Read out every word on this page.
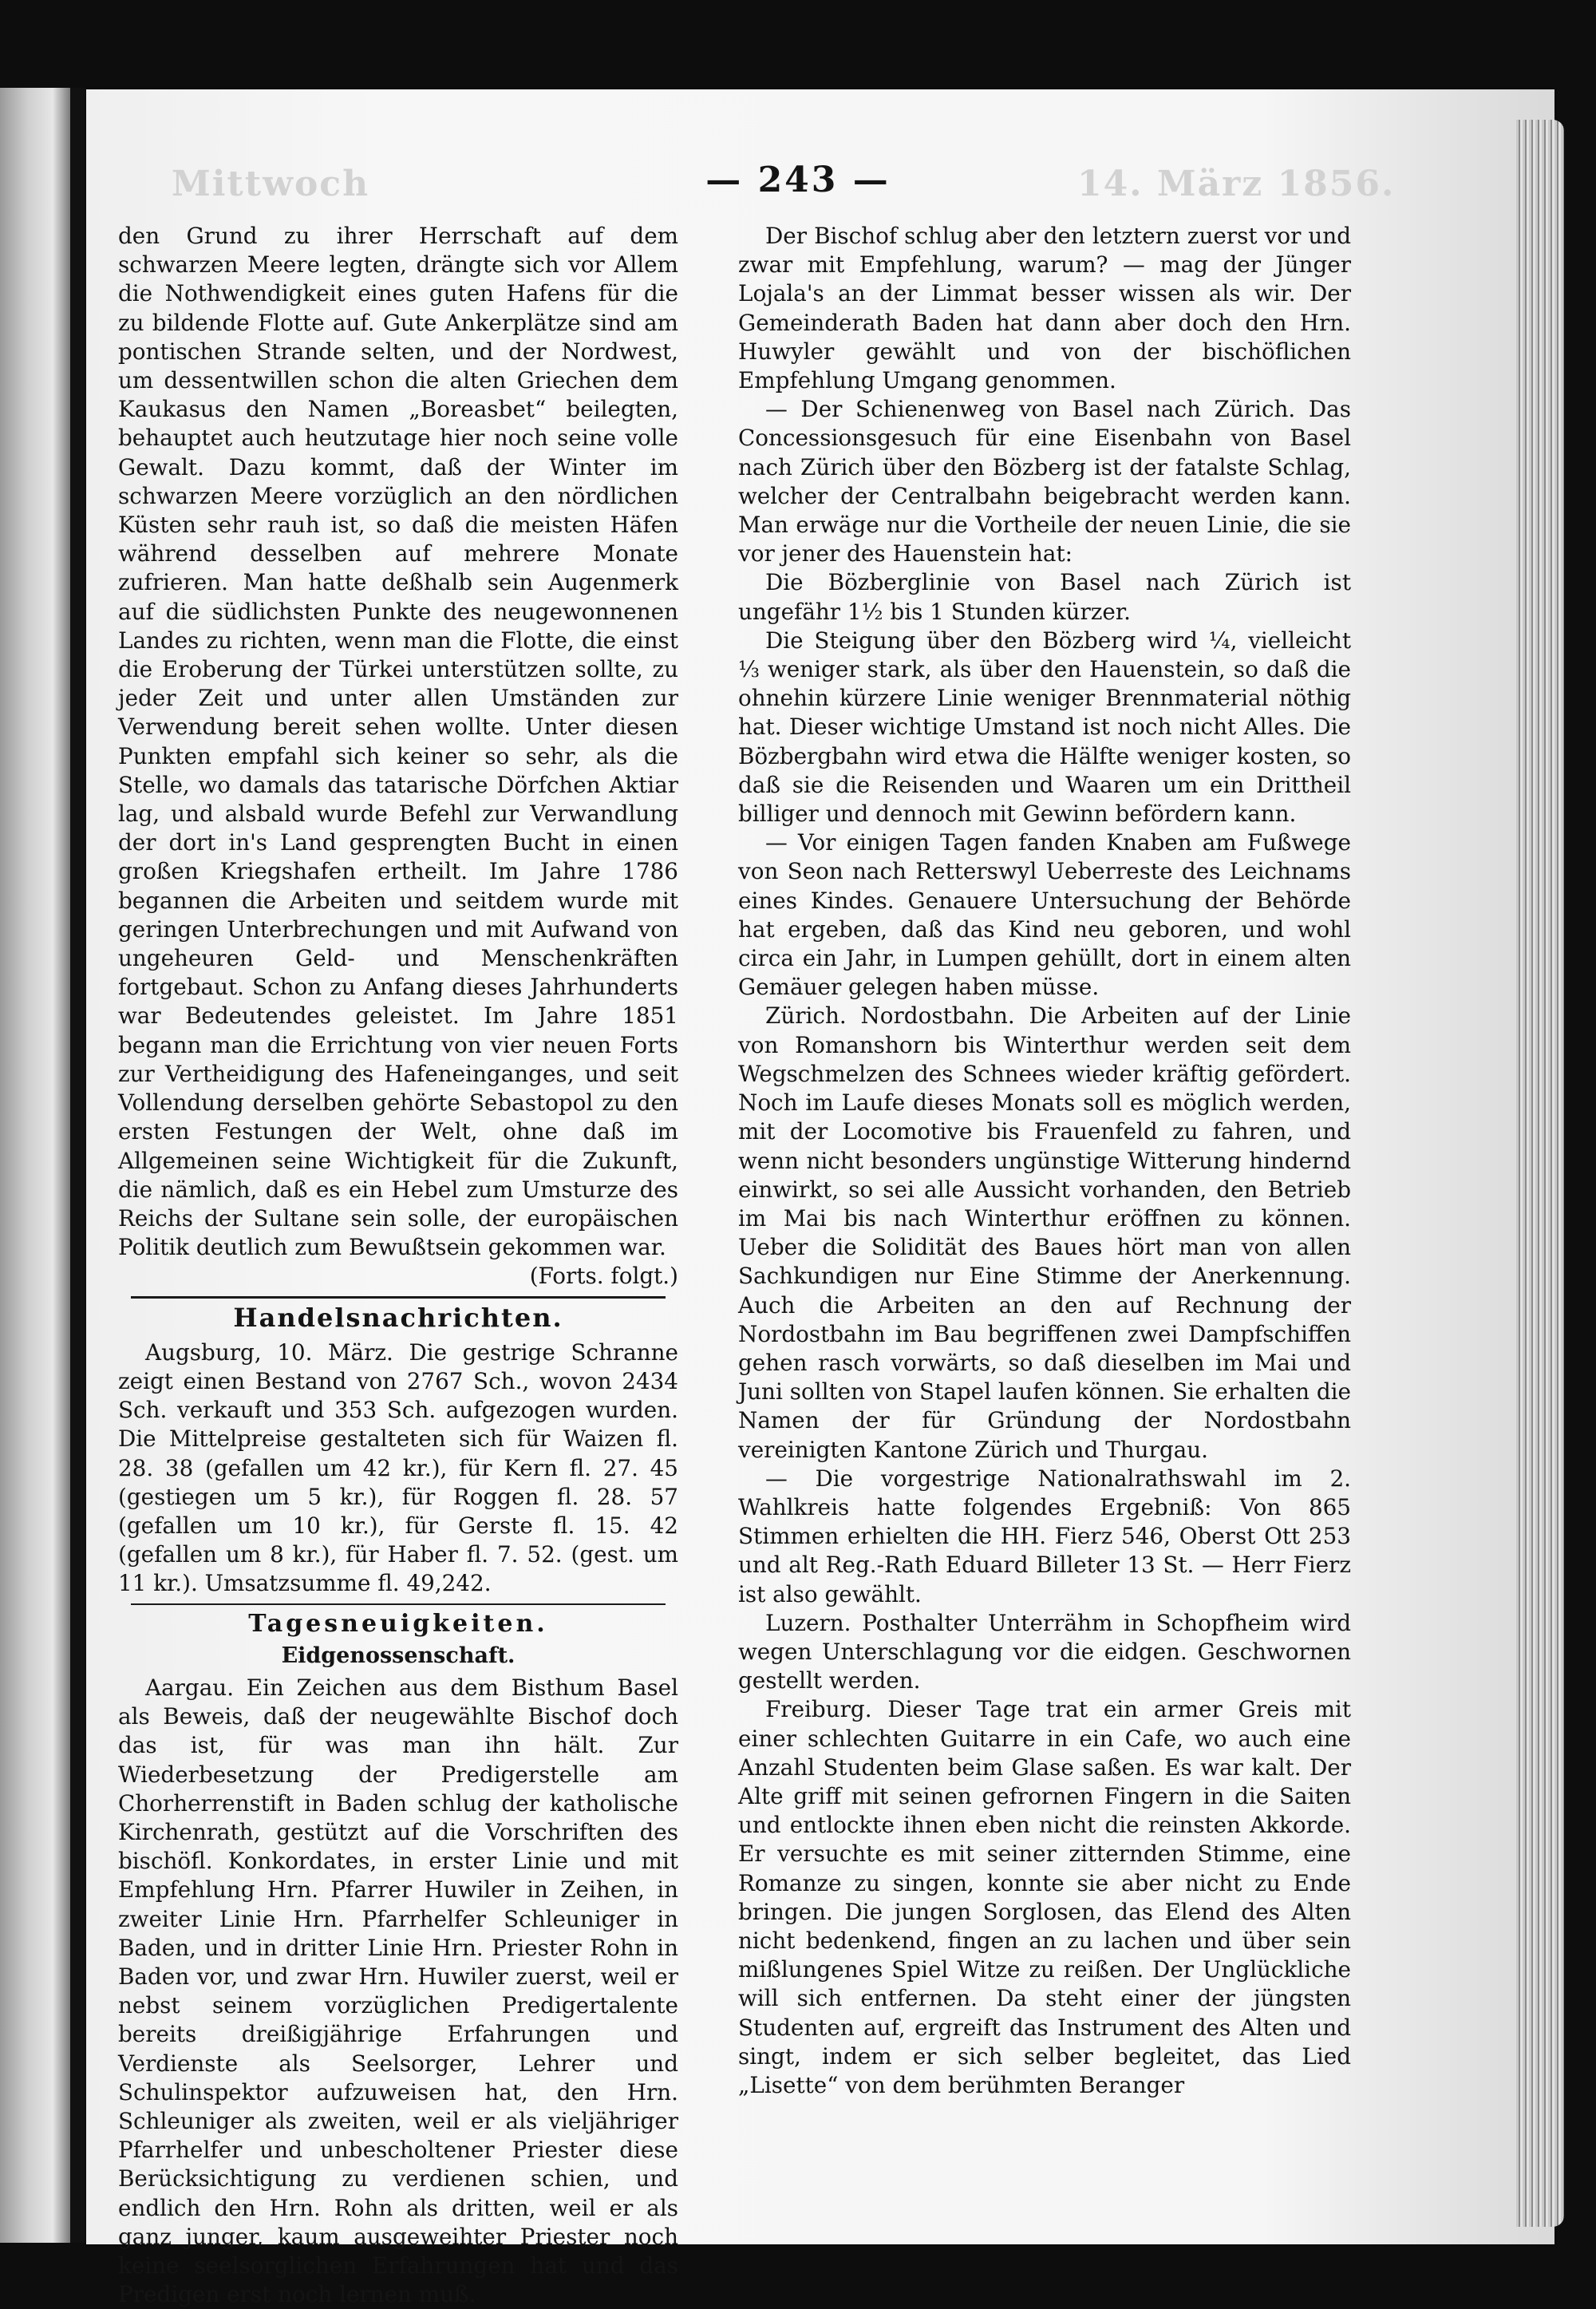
Mittwoch	14. März 1856.
— 243 —

den Grund zu ihrer Herrschaft auf dem schwarzen Meere legten, drängte sich vor Allem die Nothwendigkeit eines guten Hafens für die zu bildende Flotte auf. Gute Ankerplätze sind am pontischen Strande selten, und der Nordwest, um dessentwillen schon die alten Griechen dem Kaukasus den Namen „Boreasbet“ beilegten, behauptet auch heutzutage hier noch seine volle Gewalt. Dazu kommt, daß der Winter im schwarzen Meere vorzüglich an den nördlichen Küsten sehr rauh ist, so daß die meisten Häfen während desselben auf mehrere Monate zufrieren. Man hatte deßhalb sein Augenmerk auf die südlichsten Punkte des neugewonnenen Landes zu richten, wenn man die Flotte, die einst die Eroberung der Türkei unterstützen sollte, zu jeder Zeit und unter allen Umständen zur Verwendung bereit sehen wollte. Unter diesen Punkten empfahl sich keiner so sehr, als die Stelle, wo damals das tatarische Dörfchen Aktiar lag, und alsbald wurde Befehl zur Verwandlung der dort in's Land gesprengten Bucht in einen großen Kriegshafen ertheilt. Im Jahre 1786 begannen die Arbeiten und seitdem wurde mit geringen Unterbrechungen und mit Aufwand von ungeheuren Geld- und Menschenkräften fortgebaut. Schon zu Anfang dieses Jahrhunderts war Bedeutendes geleistet. Im Jahre 1851 begann man die Errichtung von vier neuen Forts zur Vertheidigung des Hafeneinganges, und seit Vollendung derselben gehörte Sebastopol zu den ersten Festungen der Welt, ohne daß im Allgemeinen seine Wichtigkeit für die Zukunft, die nämlich, daß es ein Hebel zum Umsturze des Reichs der Sultane sein solle, der europäischen Politik deutlich zum Bewußtsein gekommen war.

(Forts. folgt.)

Handelsnachrichten.

Augsburg, 10. März. Die gestrige Schranne zeigt einen Bestand von 2767 Sch., wovon 2434 Sch. verkauft und 353 Sch. aufgezogen wurden. Die Mittelpreise gestalteten sich für Waizen fl. 28. 38 (gefallen um 42 kr.), für Kern fl. 27. 45 (gestiegen um 5 kr.), für Roggen fl. 28. 57 (gefallen um 10 kr.), für Gerste fl. 15. 42 (gefallen um 8 kr.), für Haber fl. 7. 52. (gest. um 11 kr.). Umsatzsumme fl. 49,242.

Tagesneuigkeiten.
Eidgenossenschaft.

Aargau. Ein Zeichen aus dem Bisthum Basel als Beweis, daß der neugewählte Bischof doch das ist, für was man ihn hält. Zur Wiederbesetzung der Predigerstelle am Chorherrenstift in Baden schlug der katholische Kirchenrath, gestützt auf die Vorschriften des bischöfl. Konkordates, in erster Linie und mit Empfehlung Hrn. Pfarrer Huwiler in Zeihen, in zweiter Linie Hrn. Pfarrhelfer Schleuniger in Baden, und in dritter Linie Hrn. Priester Rohn in Baden vor, und zwar Hrn. Huwiler zuerst, weil er nebst seinem vorzüglichen Predigertalente bereits dreißigjährige Erfahrungen und Verdienste als Seelsorger, Lehrer und Schulinspektor aufzuweisen hat, den Hrn. Schleuniger als zweiten, weil er als vieljähriger Pfarrhelfer und unbescholtener Priester diese Berücksichtigung zu verdienen schien, und endlich den Hrn. Rohn als dritten, weil er als ganz junger, kaum ausgeweihter Priester noch keine seelsorglichen Erfahrungen hat und das Predigen erst noch lernen muß.

Der Bischof schlug aber den letztern zuerst vor und zwar mit Empfehlung, warum? — mag der Jünger Lojala's an der Limmat besser wissen als wir. Der Gemeinderath Baden hat dann aber doch den Hrn. Huwyler gewählt und von der bischöflichen Empfehlung Umgang genommen.

— Der Schienenweg von Basel nach Zürich. Das Concessionsgesuch für eine Eisenbahn von Basel nach Zürich über den Bözberg ist der fatalste Schlag, welcher der Centralbahn beigebracht werden kann. Man erwäge nur die Vortheile der neuen Linie, die sie vor jener des Hauenstein hat:

Die Bözberglinie von Basel nach Zürich ist ungefähr 1½ bis 1 Stunden kürzer.

Die Steigung über den Bözberg wird ¼, vielleicht ⅓ weniger stark, als über den Hauenstein, so daß die ohnehin kürzere Linie weniger Brennmaterial nöthig hat. Dieser wichtige Umstand ist noch nicht Alles. Die Bözbergbahn wird etwa die Hälfte weniger kosten, so daß sie die Reisenden und Waaren um ein Drittheil billiger und dennoch mit Gewinn befördern kann.

— Vor einigen Tagen fanden Knaben am Fußwege von Seon nach Retterswyl Ueberreste des Leichnams eines Kindes. Genauere Untersuchung der Behörde hat ergeben, daß das Kind neu geboren, und wohl circa ein Jahr, in Lumpen gehüllt, dort in einem alten Gemäuer gelegen haben müsse.

Zürich. Nordostbahn. Die Arbeiten auf der Linie von Romanshorn bis Winterthur werden seit dem Wegschmelzen des Schnees wieder kräftig gefördert. Noch im Laufe dieses Monats soll es möglich werden, mit der Locomotive bis Frauenfeld zu fahren, und wenn nicht besonders ungünstige Witterung hindernd einwirkt, so sei alle Aussicht vorhanden, den Betrieb im Mai bis nach Winterthur eröffnen zu können. Ueber die Solidität des Baues hört man von allen Sachkundigen nur Eine Stimme der Anerkennung. Auch die Arbeiten an den auf Rechnung der Nordostbahn im Bau begriffenen zwei Dampfschiffen gehen rasch vorwärts, so daß dieselben im Mai und Juni sollten von Stapel laufen können. Sie erhalten die Namen der für Gründung der Nordostbahn vereinigten Kantone Zürich und Thurgau.

— Die vorgestrige Nationalrathswahl im 2. Wahlkreis hatte folgendes Ergebniß: Von 865 Stimmen erhielten die HH. Fierz 546, Oberst Ott 253 und alt Reg.-Rath Eduard Billeter 13 St. — Herr Fierz ist also gewählt.

Luzern. Posthalter Unterrähm in Schopfheim wird wegen Unterschlagung vor die eidgen. Geschwornen gestellt werden.

Freiburg. Dieser Tage trat ein armer Greis mit einer schlechten Guitarre in ein Cafe, wo auch eine Anzahl Studenten beim Glase saßen. Es war kalt. Der Alte griff mit seinen gefrornen Fingern in die Saiten und entlockte ihnen eben nicht die reinsten Akkorde. Er versuchte es mit seiner zitternden Stimme, eine Romanze zu singen, konnte sie aber nicht zu Ende bringen. Die jungen Sorglosen, das Elend des Alten nicht bedenkend, fingen an zu lachen und über sein mißlungenes Spiel Witze zu reißen. Der Unglückliche will sich entfernen. Da steht einer der jüngsten Studenten auf, ergreift das Instrument des Alten und singt, indem er sich selber begleitet, das Lied „Lisette“ von dem berühmten Beranger
